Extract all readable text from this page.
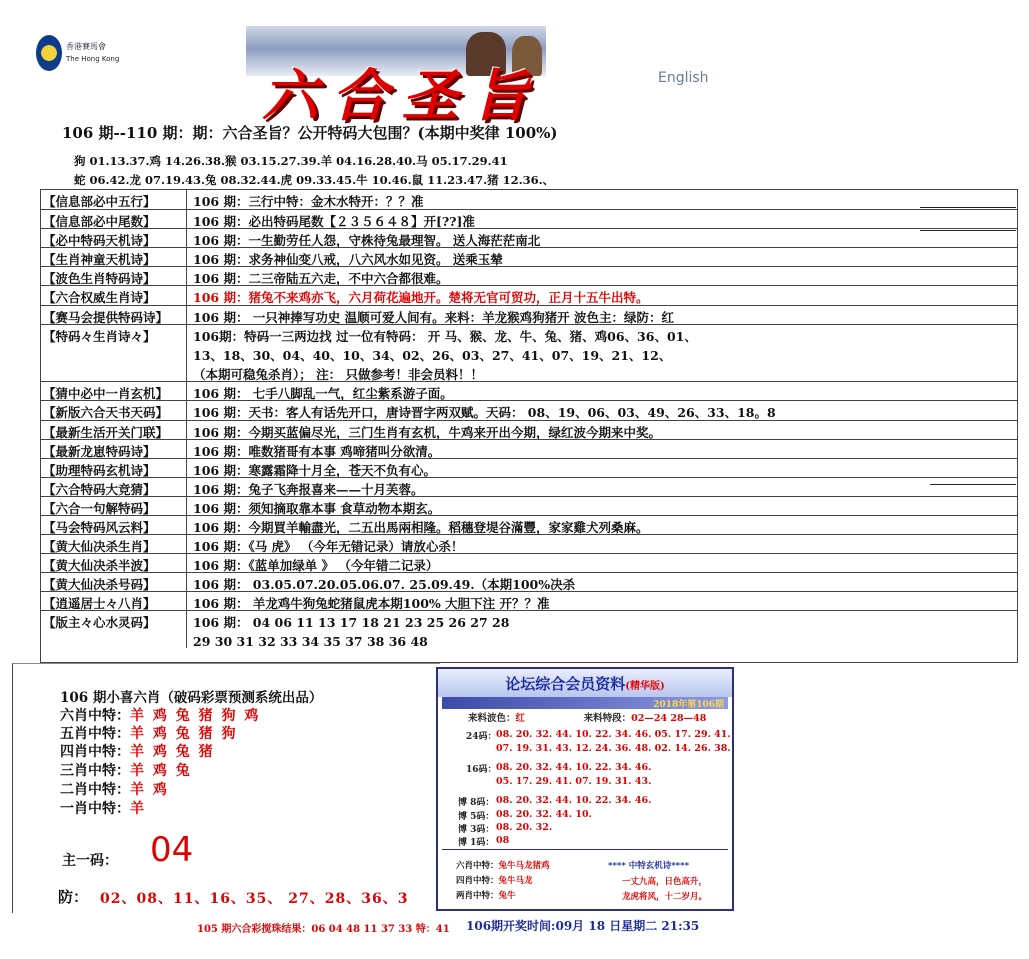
香港賽馬會
The Hong Kong
六合圣旨	English
106 期--110 期：期：六合圣旨？公开特码大包围？(本期中奖律 100%)
狗 01.13.37.鸡 14.26.38.猴 03.15.27.39.羊 04.16.28.40.马 05.17.29.41
蛇 06.42.龙 07.19.43.兔 08.32.44.虎 09.33.45.牛 10.46.鼠 11.23.47.猪 12.36.、
【信息部必中五行】	106 期：三行中特：金木水特开：？？准
【信息部必中尾数】	106 期：必出特码尾数【２３５６４８】开[??]准
【必中特码天机诗】	106 期：一生勤劳任人怨，守株待兔最理智。 送人海茫茫南北
【生肖神童天机诗】	106 期：求务神仙变八戒，八六风水如见资。 送乘玉辇
【波色生肖特码诗】	106 期：二三帝陆五六走，不中六合都很难。
【六合权威生肖诗】	106 期：猪兔不来鸡亦飞，六月荷花遍地开。楚将无官可贸功，正月十五牛出特。
【赛马会提供特码诗】	106 期： 一只神捧写功史 温顺可爱人间有。来料：羊龙猴鸡狗猪开 波色主：绿防：红
【特码々生肖诗々】	106期：特码一三两边找 过一位有特码： 开 马、猴、龙、牛、兔、猪、鸡06、36、01、
13、18、30、04、40、10、34、02、26、03、27、41、07、19、21、12、
（本期可稳兔杀肖）； 注： 只做参考！非会员料！！
【猜中必中一肖玄机】	106 期： 七手八脚乱一气，红尘紫系游子面。
【新版六合天书天码】	106 期：天书：客人有话先开口，唐诗晋字两双赋。天码： 08、19、06、03、49、26、33、18。8
【最新生活开关门联】	106 期：今期买蓝偏尽光，三门生肖有玄机，牛鸡来开出今期，绿红波今期来中奖。
【最新龙崽特码诗】	106 期：唯数猪哥有本事 鸡啼猪叫分欲清。
【助理特码玄机诗】	106 期：寒露霜降十月全，苍天不负有心。
【六合特码大竞猜】	106 期：兔子飞奔报喜来——十月芙蓉。
【六合一句解特码】	106 期：须知摘取靠本事 食草动物本期玄。
【马会特码风云料】	106 期：今期買羊輸盡光，二五出馬兩相隆。稻穗登堤谷滿豐，家家雞犬列桑麻。
【黄大仙决杀生肖】	106 期：《马 虎》 （今年无错记录）请放心杀！
【黄大仙决杀半波】	106 期：《蓝单加绿单 》 （今年错二记录）
【黄大仙决杀号码】	106 期： 03.05.07.20.05.06.07. 25.09.49.（本期100%决杀
【逍遥居士々八肖】	106 期： 羊龙鸡牛狗兔蛇猪鼠虎本期100% 大胆下注 开？？准
【版主々心水灵码】	106 期： 04 06 11 13 17 18 21 23 25 26 27 28
29 30 31 32 33 34 35 37 38 36 48
106 期小喜六肖（破码彩票预测系统出品）
六肖中特：羊 鸡 兔 猪 狗 鸡
五肖中特：羊 鸡 兔 猪 狗
四肖中特：羊 鸡 兔 猪
三肖中特：羊 鸡 兔
二肖中特：羊 鸡
一肖中特：羊
主一码： 04
防： 02、08、11、16、35、 27、28、36、3
论坛综合会员资料(精华版)
2018年第106期
来料波色：红	来料特段：02—24 28—48
24码： 08. 20. 32. 44. 10. 22. 34. 46. 05. 17. 29. 41.
07. 19. 31. 43. 12. 24. 36. 48. 02. 14. 26. 38.
16码： 08. 20. 32. 44. 10. 22. 34. 46.
05. 17. 29. 41. 07. 19. 31. 43.
博 8码： 08. 20. 32. 44. 10. 22. 34. 46.
博 5码： 08. 20. 32. 44. 10.
博 3码： 08. 20. 32.
博 1码： 08
六肖中特：兔牛马龙猪鸡
四肖中特：兔牛马龙
两肖中特：兔牛
**** 中特玄机诗****
一丈九高，日色高升，
龙虎将风，十二岁月。
105 期六合彩搅珠结果：06 04 48 11 37 33 特：41 106期开奖时间:09月 18 日星期二 21:35
